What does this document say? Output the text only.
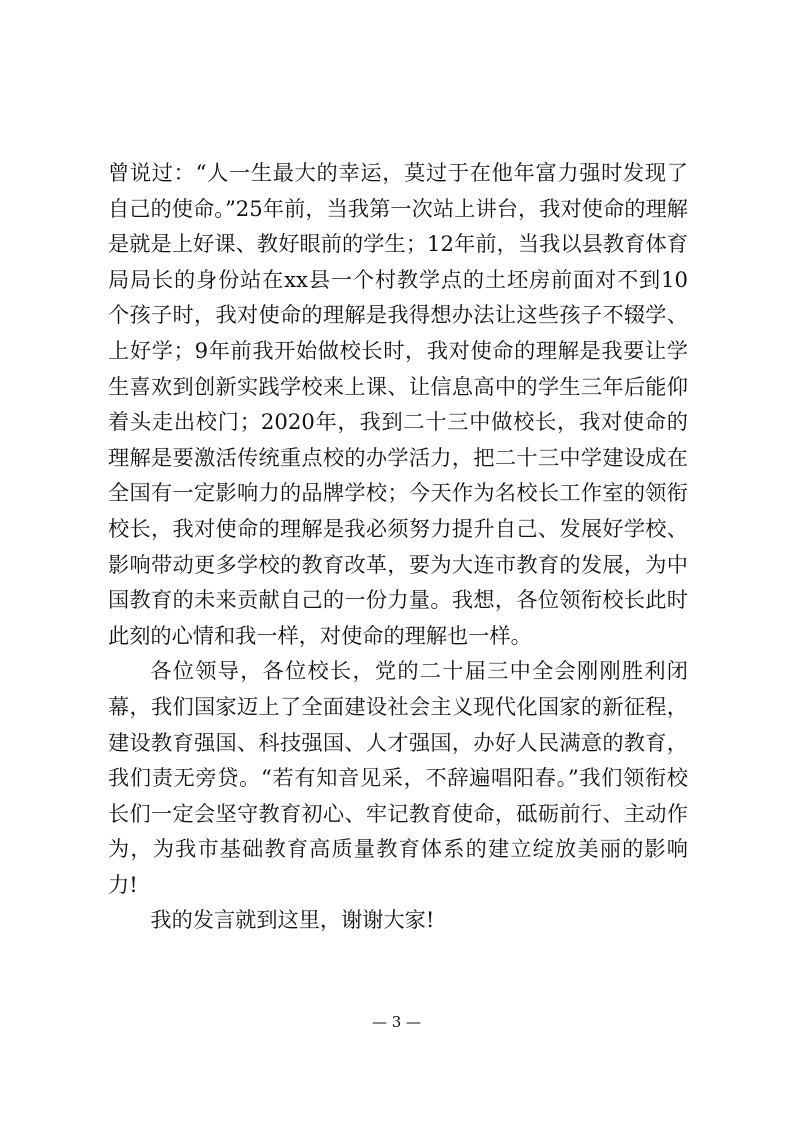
曾说过：“人一生最大的幸运，莫过于在他年富力强时发现了自己的使命。”25年前，当我第一次站上讲台，我对使命的理解是就是上好课、教好眼前的学生；12年前，当我以县教育体育局局长的身份站在xx县一个村教学点的土坯房前面对不到10个孩子时，我对使命的理解是我得想办法让这些孩子不辍学、上好学；9年前我开始做校长时，我对使命的理解是我要让学生喜欢到创新实践学校来上课、让信息高中的学生三年后能仰着头走出校门；2020年，我到二十三中做校长，我对使命的理解是要激活传统重点校的办学活力，把二十三中学建设成在全国有一定影响力的品牌学校；今天作为名校长工作室的领衔校长，我对使命的理解是我必须努力提升自己、发展好学校、影响带动更多学校的教育改革，要为大连市教育的发展，为中国教育的未来贡献自己的一份力量。我想，各位领衔校长此时此刻的心情和我一样，对使命的理解也一样。

各位领导，各位校长，党的二十届三中全会刚刚胜利闭幕，我们国家迈上了全面建设社会主义现代化国家的新征程，建设教育强国、科技强国、人才强国，办好人民满意的教育，我们责无旁贷。“若有知音见采，不辞遍唱阳春。”我们领衔校长们一定会坚守教育初心、牢记教育使命，砥砺前行、主动作为，为我市基础教育高质量教育体系的建立绽放美丽的影响力!

我的发言就到这里，谢谢大家!

— 3 —
